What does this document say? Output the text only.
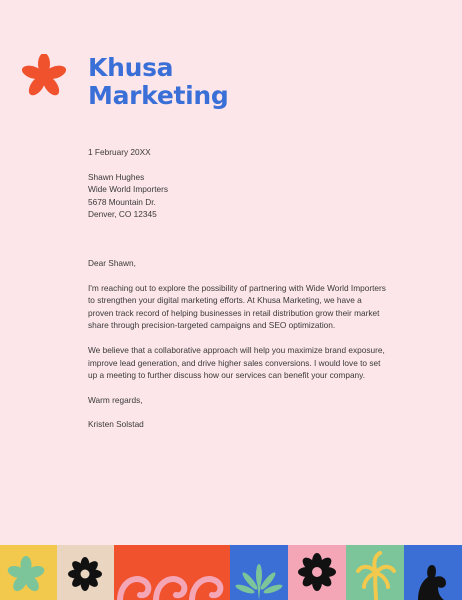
Khusa
Marketing

1 February 20XX

Shawn Hughes

Wide World Importers

5678 Mountain Dr.

Denver, CO 12345

Dear Shawn,

I'm reaching out to explore the possibility of partnering with Wide World Importers to strengthen your digital marketing efforts. At Khusa Marketing, we have a proven track record of helping businesses in retail distribution grow their market share through precision-targeted campaigns and SEO optimization.

We believe that a collaborative approach will help you maximize brand exposure, improve lead generation, and drive higher sales conversions. I would love to set up a meeting to further discuss how our services can benefit your company.

Warm regards,

Kristen Solstad
